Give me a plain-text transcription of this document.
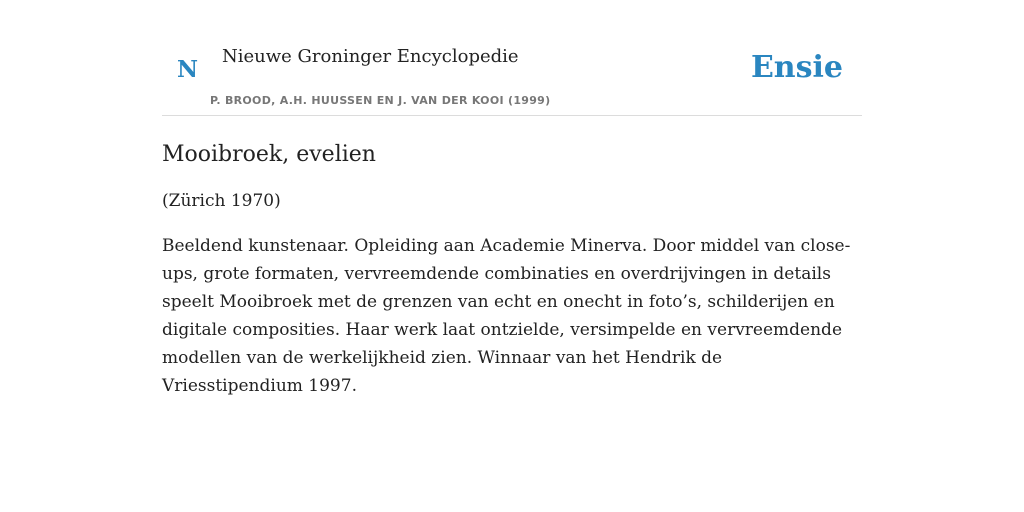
N Nieuwe Groninger Encyclopedie
P. BROOD, A.H. HUUSSEN EN J. VAN DER KOOI (1999)
Ensie
Mooibroek, evelien

(Zürich 1970)

Beeldend kunstenaar. Opleiding aan Academie Minerva. Door middel van close-ups, grote formaten, vervreemdende combinaties en overdrijvingen in details speelt Mooibroek met de grenzen van echt en onecht in foto’s, schilderijen en digitale composities. Haar werk laat ontzielde, versimpelde en vervreemdende modellen van de werkelijkheid zien. Winnaar van het Hendrik de Vriesstipendium 1997.
